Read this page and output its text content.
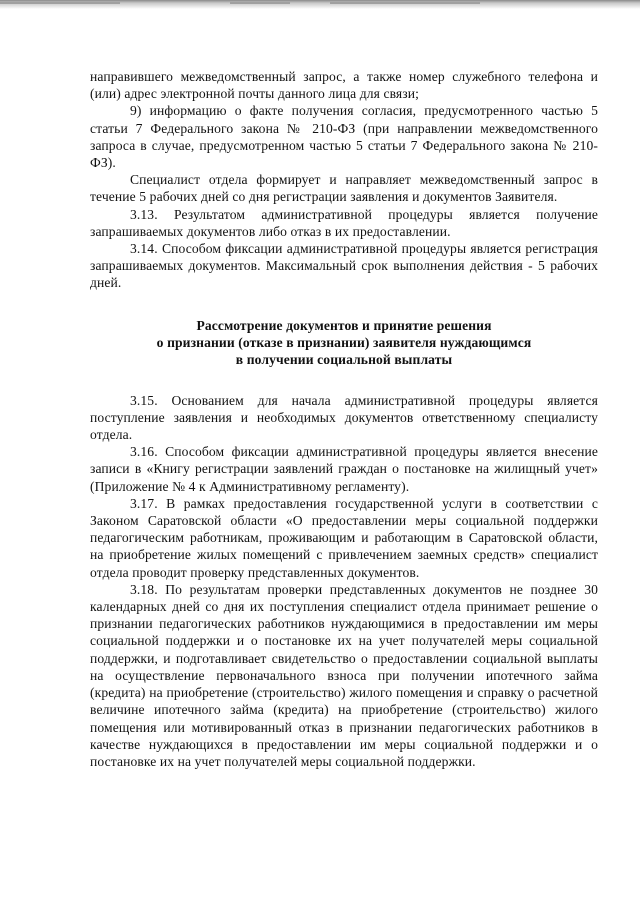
направившего межведомственный запрос, а также номер служебного телефона и (или) адрес электронной почты данного лица для связи;

9) информацию о факте получения согласия, предусмотренного частью 5 статьи 7 Федерального закона № 210-ФЗ (при направлении межведомственного запроса в случае, предусмотренном частью 5 статьи 7 Федерального закона № 210-ФЗ).

Специалист отдела формирует и направляет межведомственный запрос в течение 5 рабочих дней со дня регистрации заявления и документов Заявителя.

3.13. Результатом административной процедуры является получение запрашиваемых документов либо отказ в их предоставлении.

3.14. Способом фиксации административной процедуры является регистрация запрашиваемых документов. Максимальный срок выполнения действия - 5 рабочих дней.

Рассмотрение документов и принятие решения
о признании (отказе в признании) заявителя нуждающимся
в получении социальной выплаты

3.15. Основанием для начала административной процедуры является поступление заявления и необходимых документов ответственному специалисту отдела.

3.16. Способом фиксации административной процедуры является внесение записи в «Книгу регистрации заявлений граждан о постановке на жилищный учет» (Приложение № 4 к Административному регламенту).

3.17. В рамках предоставления государственной услуги в соответствии с Законом Саратовской области «О предоставлении меры социальной поддержки педагогическим работникам, проживающим и работающим в Саратовской области, на приобретение жилых помещений с привлечением заемных средств» специалист отдела проводит проверку представленных документов.

3.18. По результатам проверки представленных документов не позднее 30 календарных дней со дня их поступления специалист отдела принимает решение о признании педагогических работников нуждающимися в предоставлении им меры социальной поддержки и о постановке их на учет получателей меры социальной поддержки, и подготавливает свидетельство о предоставлении социальной выплаты на осуществление первоначального взноса при получении ипотечного займа (кредита) на приобретение (строительство) жилого помещения и справку о расчетной величине ипотечного займа (кредита) на приобретение (строительство) жилого помещения или мотивированный отказ в признании педагогических работников в качестве нуждающихся в предоставлении им меры социальной поддержки и о постановке их на учет получателей меры социальной поддержки.
